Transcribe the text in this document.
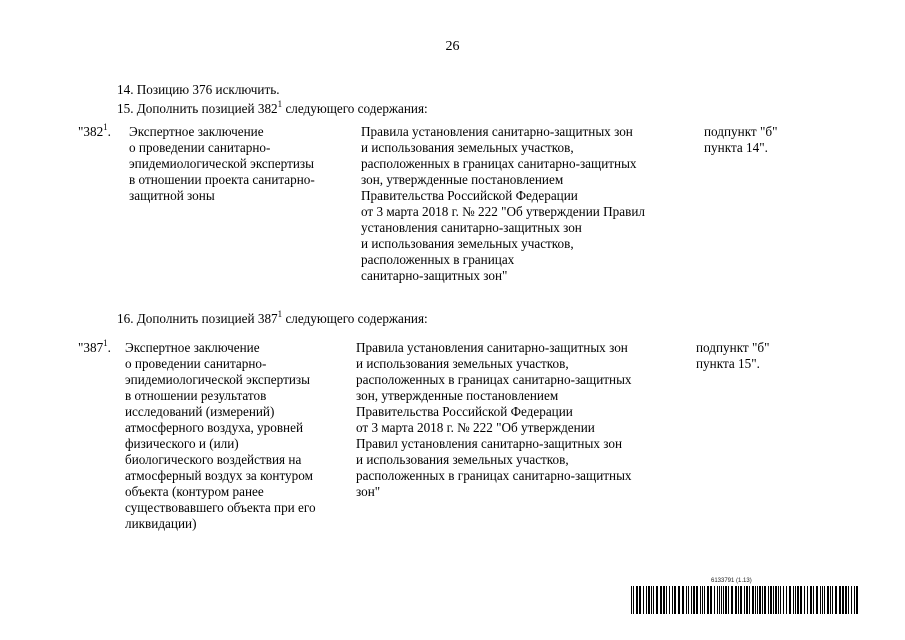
26
14. Позицию 376 исключить.
15. Дополнить позицией $382^1$ следующего содержания:
"$382^1$. Экспертное заключение
о проведении санитарно-
эпидемиологической экспертизы
в отношении проекта санитарно-
защитной зоны
Правила установления санитарно-защитных зон
и использования земельных участков,
расположенных в границах санитарно-защитных
зон, утвержденные постановлением
Правительства Российской Федерации
от 3 марта 2018 г. № 222 "Об утверждении Правил
установления санитарно-защитных зон
и использования земельных участков,
расположенных в границах
санитарно-защитных зон"
подпункт "б"
пункта 14".
16. Дополнить позицией $387^1$ следующего содержания:
"$387^1$. Экспертное заключение
о проведении санитарно-
эпидемиологической экспертизы
в отношении результатов
исследований (измерений)
атмосферного воздуха, уровней
физического и (или)
биологического воздействия на
атмосферный воздух за контуром
объекта (контуром ранее
существовавшего объекта при его
ликвидации)
Правила установления санитарно-защитных зон
и использования земельных участков,
расположенных в границах санитарно-защитных
зон, утвержденные постановлением
Правительства Российской Федерации
от 3 марта 2018 г. № 222 "Об утверждении
Правил установления санитарно-защитных зон
и использования земельных участков,
расположенных в границах санитарно-защитных
зон"
подпункт "б"
пункта 15".
6133791 (1.13)
